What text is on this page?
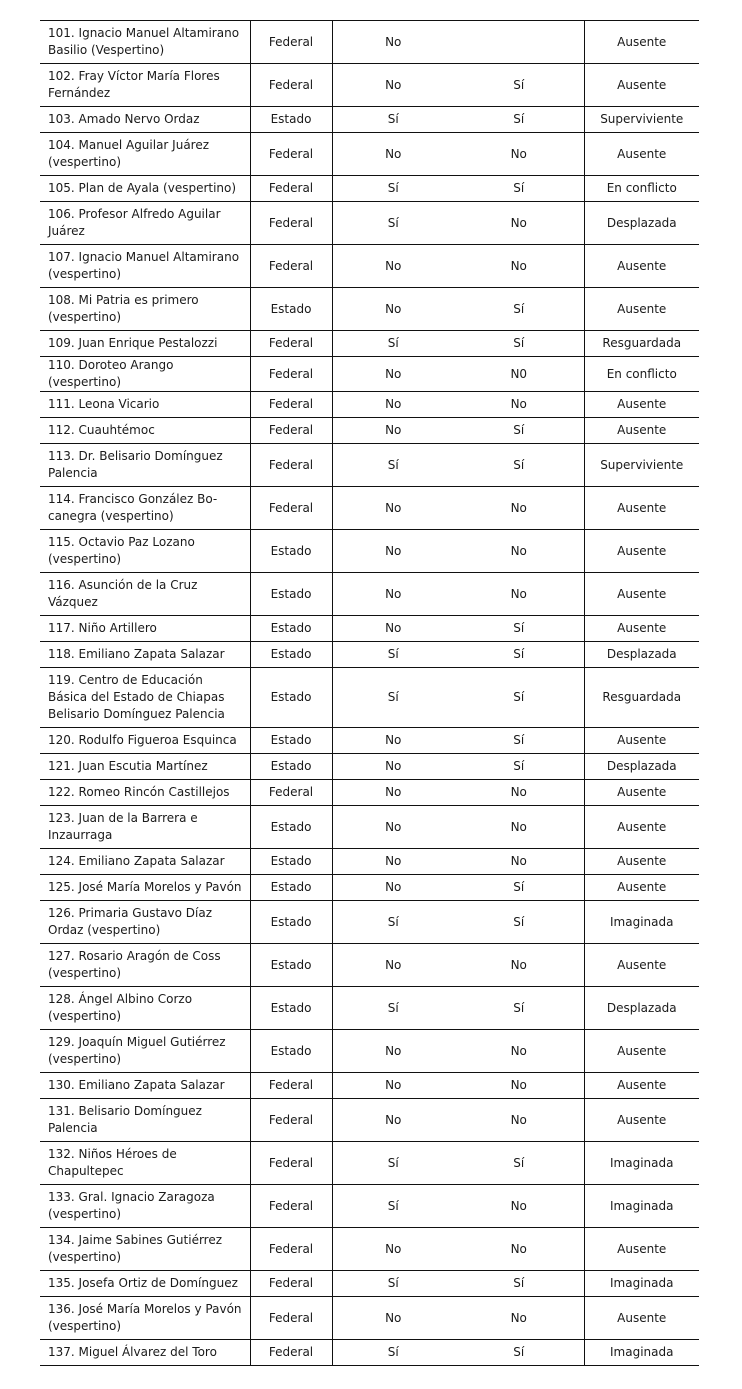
101. Ignacio Manuel Altamirano Basilio (Vespertino)	Federal	No		Ausente
102. Fray Víctor María Flores Fernández	Federal	No	Sí	Ausente
103. Amado Nervo Ordaz	Estado	Sí	Sí	Superviviente
104. Manuel Aguilar Juárez (vespertino)	Federal	No	No	Ausente
105. Plan de Ayala (vespertino)	Federal	Sí	Sí	En conflicto
106. Profesor Alfredo Aguilar Juárez	Federal	Sí	No	Desplazada
107. Ignacio Manuel Altamirano (vespertino)	Federal	No	No	Ausente
108. Mi Patria es primero (vespertino)	Estado	No	Sí	Ausente
109. Juan Enrique Pestalozzi	Federal	Sí	Sí	Resguardada
110. Doroteo Arango (vespertino)	Federal	No	N0	En conflicto
111. Leona Vicario	Federal	No	No	Ausente
112. Cuauhtémoc	Federal	No	Sí	Ausente
113. Dr. Belisario Domínguez Palencia	Federal	Sí	Sí	Superviviente
114. Francisco González Bo-canegra (vespertino)	Federal	No	No	Ausente
115. Octavio Paz Lozano (vespertino)	Estado	No	No	Ausente
116. Asunción de la Cruz Vázquez	Estado	No	No	Ausente
117. Niño Artillero	Estado	No	Sí	Ausente
118. Emiliano Zapata Salazar	Estado	Sí	Sí	Desplazada
119. Centro de Educación Básica del Estado de Chiapas Belisario Domínguez Palencia	Estado	Sí	Sí	Resguardada
120. Rodulfo Figueroa Esquinca	Estado	No	Sí	Ausente
121. Juan Escutia Martínez	Estado	No	Sí	Desplazada
122. Romeo Rincón Castillejos	Federal	No	No	Ausente
123. Juan de la Barrera e Inzaurraga	Estado	No	No	Ausente
124. Emiliano Zapata Salazar	Estado	No	No	Ausente
125. José María Morelos y Pavón	Estado	No	Sí	Ausente
126. Primaria Gustavo Díaz Ordaz (vespertino)	Estado	Sí	Sí	Imaginada
127. Rosario Aragón de Coss (vespertino)	Estado	No	No	Ausente
128. Ángel Albino Corzo (vespertino)	Estado	Sí	Sí	Desplazada
129. Joaquín Miguel Gutiérrez (vespertino)	Estado	No	No	Ausente
130. Emiliano Zapata Salazar	Federal	No	No	Ausente
131. Belisario Domínguez Palencia	Federal	No	No	Ausente
132. Niños Héroes de Chapultepec	Federal	Sí	Sí	Imaginada
133. Gral. Ignacio Zaragoza (vespertino)	Federal	Sí	No	Imaginada
134. Jaime Sabines Gutiérrez (vespertino)	Federal	No	No	Ausente
135. Josefa Ortiz de Domínguez	Federal	Sí	Sí	Imaginada
136. José María Morelos y Pavón (vespertino)	Federal	No	No	Ausente
137. Miguel Álvarez del Toro	Federal	Sí	Sí	Imaginada
